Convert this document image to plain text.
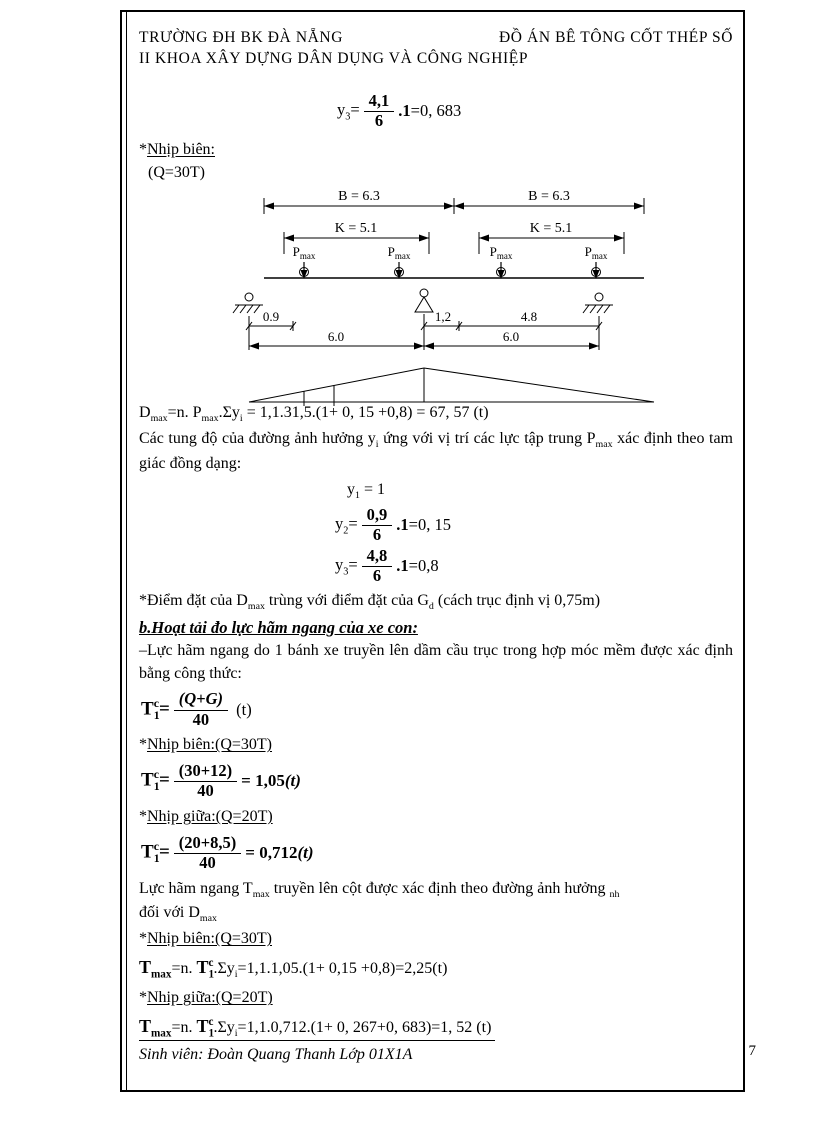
TRƯỜNG ĐH BK ĐÀ NẴNG	ĐỒ ÁN BÊ TÔNG CỐT THÉP SỐ
II KHOA XÂY DỰNG DÂN DỤNG VÀ CÔNG NGHIỆP
$y_3= \frac{4,1}{6} .1=0$, 683
*Nhịp biên:
(Q=30T)
B = 6.3	B = 6.3
K = 5.1	K = 5.1
$P_{max}$	$P_{max}$	$P_{max}$	$P_{max}$
0.9	1,2	4.8
6.0	6.0

$D_{max}=n$. $P_{max}.\Sigma y_i = 1,1.31,5.(1+ 0$, 15 +0,8) = 67, 57 (t)

Các tung độ của đường ảnh hưởng $y_i$ ứng với vị trí các lực tập trung $P_{max}$ xác định theo tam giác đồng dạng:

$y_1 = 1$
$y_2= \frac{0,9}{6} .1=0$, 15
$y_3= \frac{4,8}{6} .1=0,8$

*Điểm đặt của $D_{max}$ trùng với điểm đặt của $G_d$ (cách trục định vị 0,75m)

b.Hoạt tải đo lực hãm ngang của xe con:

–Lực hãm ngang do 1 bánh xe truyền lên dầm cầu trục trong hợp móc mềm được xác định bằng công thức:

$T_1^c= \frac{(Q+G)}{40} (t)$
*Nhịp biên:(Q=30T)
$T_1^c= \frac{(30+12)}{40} = 1,05(t)$
*Nhịp giữa:(Q=20T)
$T_1^c= \frac{(20+8,5)}{40} = 0,712(t)$

Lực hãm ngang $T_{max}$ truyền lên cột được xác định theo đường ảnh hưởng $_{nh}$
đối với $D_{max}$

*Nhịp biên:(Q=30T)

$T_{max}=n$. $T_1^c.\Sigma y_i=1,1.1,05.(1+ 0,15 +0,8)=2,25(t)$

*Nhịp giữa:(Q=20T)

$T_{max}=n$. $T_1^c.\Sigma y_i=1,1.0,712.(1+ 0$, 267+0, 683)=1, 52 (t)

Sinh viên: Đoàn Quang Thanh Lớp 01X1A	7
